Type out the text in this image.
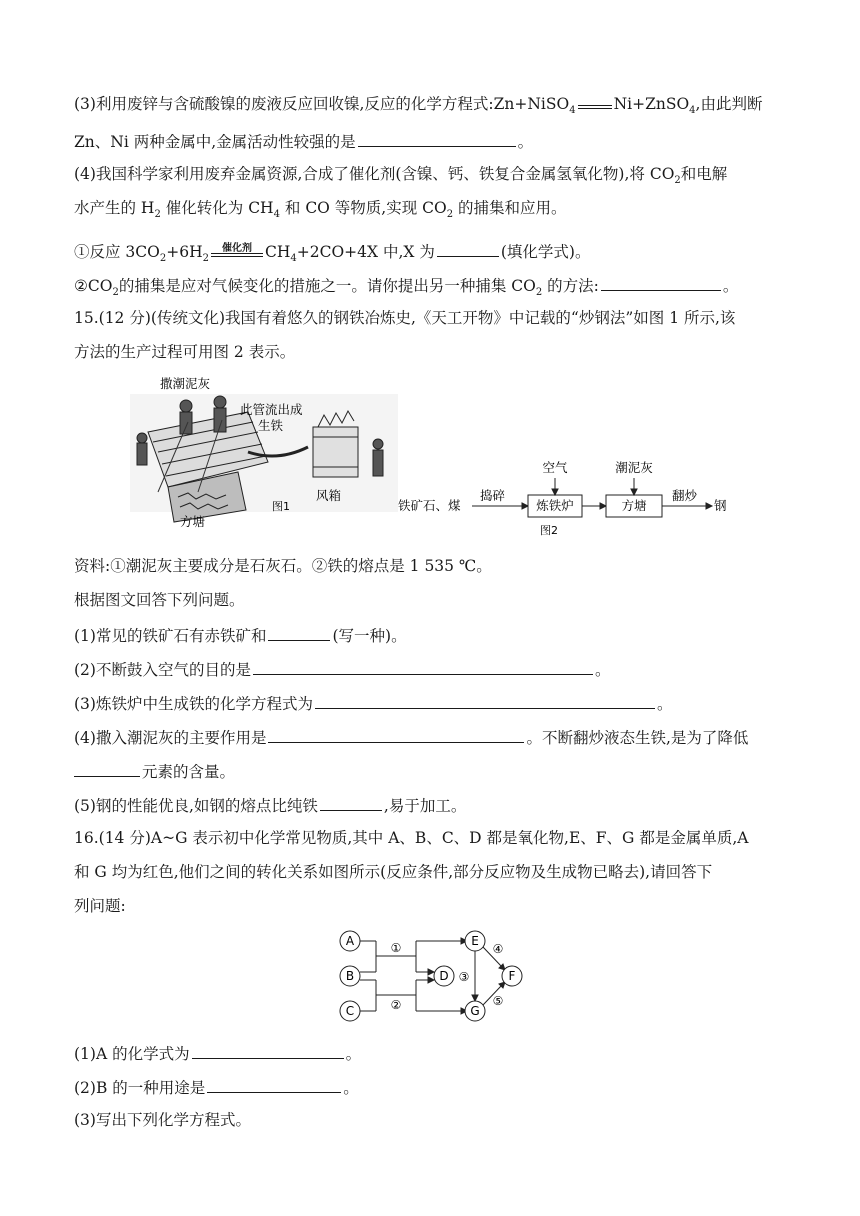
(3)利用废锌与含硫酸镍的废液反应回收镍,反应的化学方程式:Zn+NiSO$_4$ Ni+ZnSO$_4$,由此判断
Zn、Ni 两种金属中,金属活动性较强的是	。
(4)我国科学家利用废弃金属资源,合成了催化剂(含镍、钙、铁复合金属氢氧化物),将 $CO_2$和电解
水产生的 $H_2$ 催化转化为 $CH_4$ 和 CO 等物质,实现 $CO_2$ 的捕集和应用。
①反应 $3CO_2+6H_2$
催化剂 $CH_4+2CO+4X$ 中,X 为	(填化学式)。
$②CO_2$的捕集是应对气候变化的措施之一。请你提出另一种捕集 $CO_2$ 的方法:	。
15.(12 分)(传统文化)我国有着悠久的钢铁冶炼史,《天工开物》中记载的“炒钢法”如图 1 所示,该
方法的生产过程可用图 2 表示。
撒潮泥灰
此管流出成
生铁
风箱
方塘
图1	铁矿石、煤
捣碎
炼铁炉
空气	潮泥灰
方塘
翻炒
钢
图2
资料:①潮泥灰主要成分是石灰石。②铁的熔点是 1 535 ℃。
根据图文回答下列问题。
(1)常见的铁矿石有赤铁矿和	(写一种)。
(2)不断鼓入空气的目的是	。
(3)炼铁炉中生成铁的化学方程式为	。
(4)撒入潮泥灰的主要作用是	。不断翻炒液态生铁,是为了降低
元素的含量。
(5)钢的性能优良,如钢的熔点比纯铁	,易于加工。
16.(14 分)A~G 表示初中化学常见物质,其中 A、B、C、D 都是氧化物,E、F、G 都是金属单质,A
和 G 均为红色,他们之间的转化关系如图所示(反应条件,部分反应物及生成物已略去),请回答下
列问题:
A
B
C
D
E
F
G
①
②
③
④
⑤
(1)A 的化学式为	。
(2)B 的一种用途是	。
(3)写出下列化学方程式。
